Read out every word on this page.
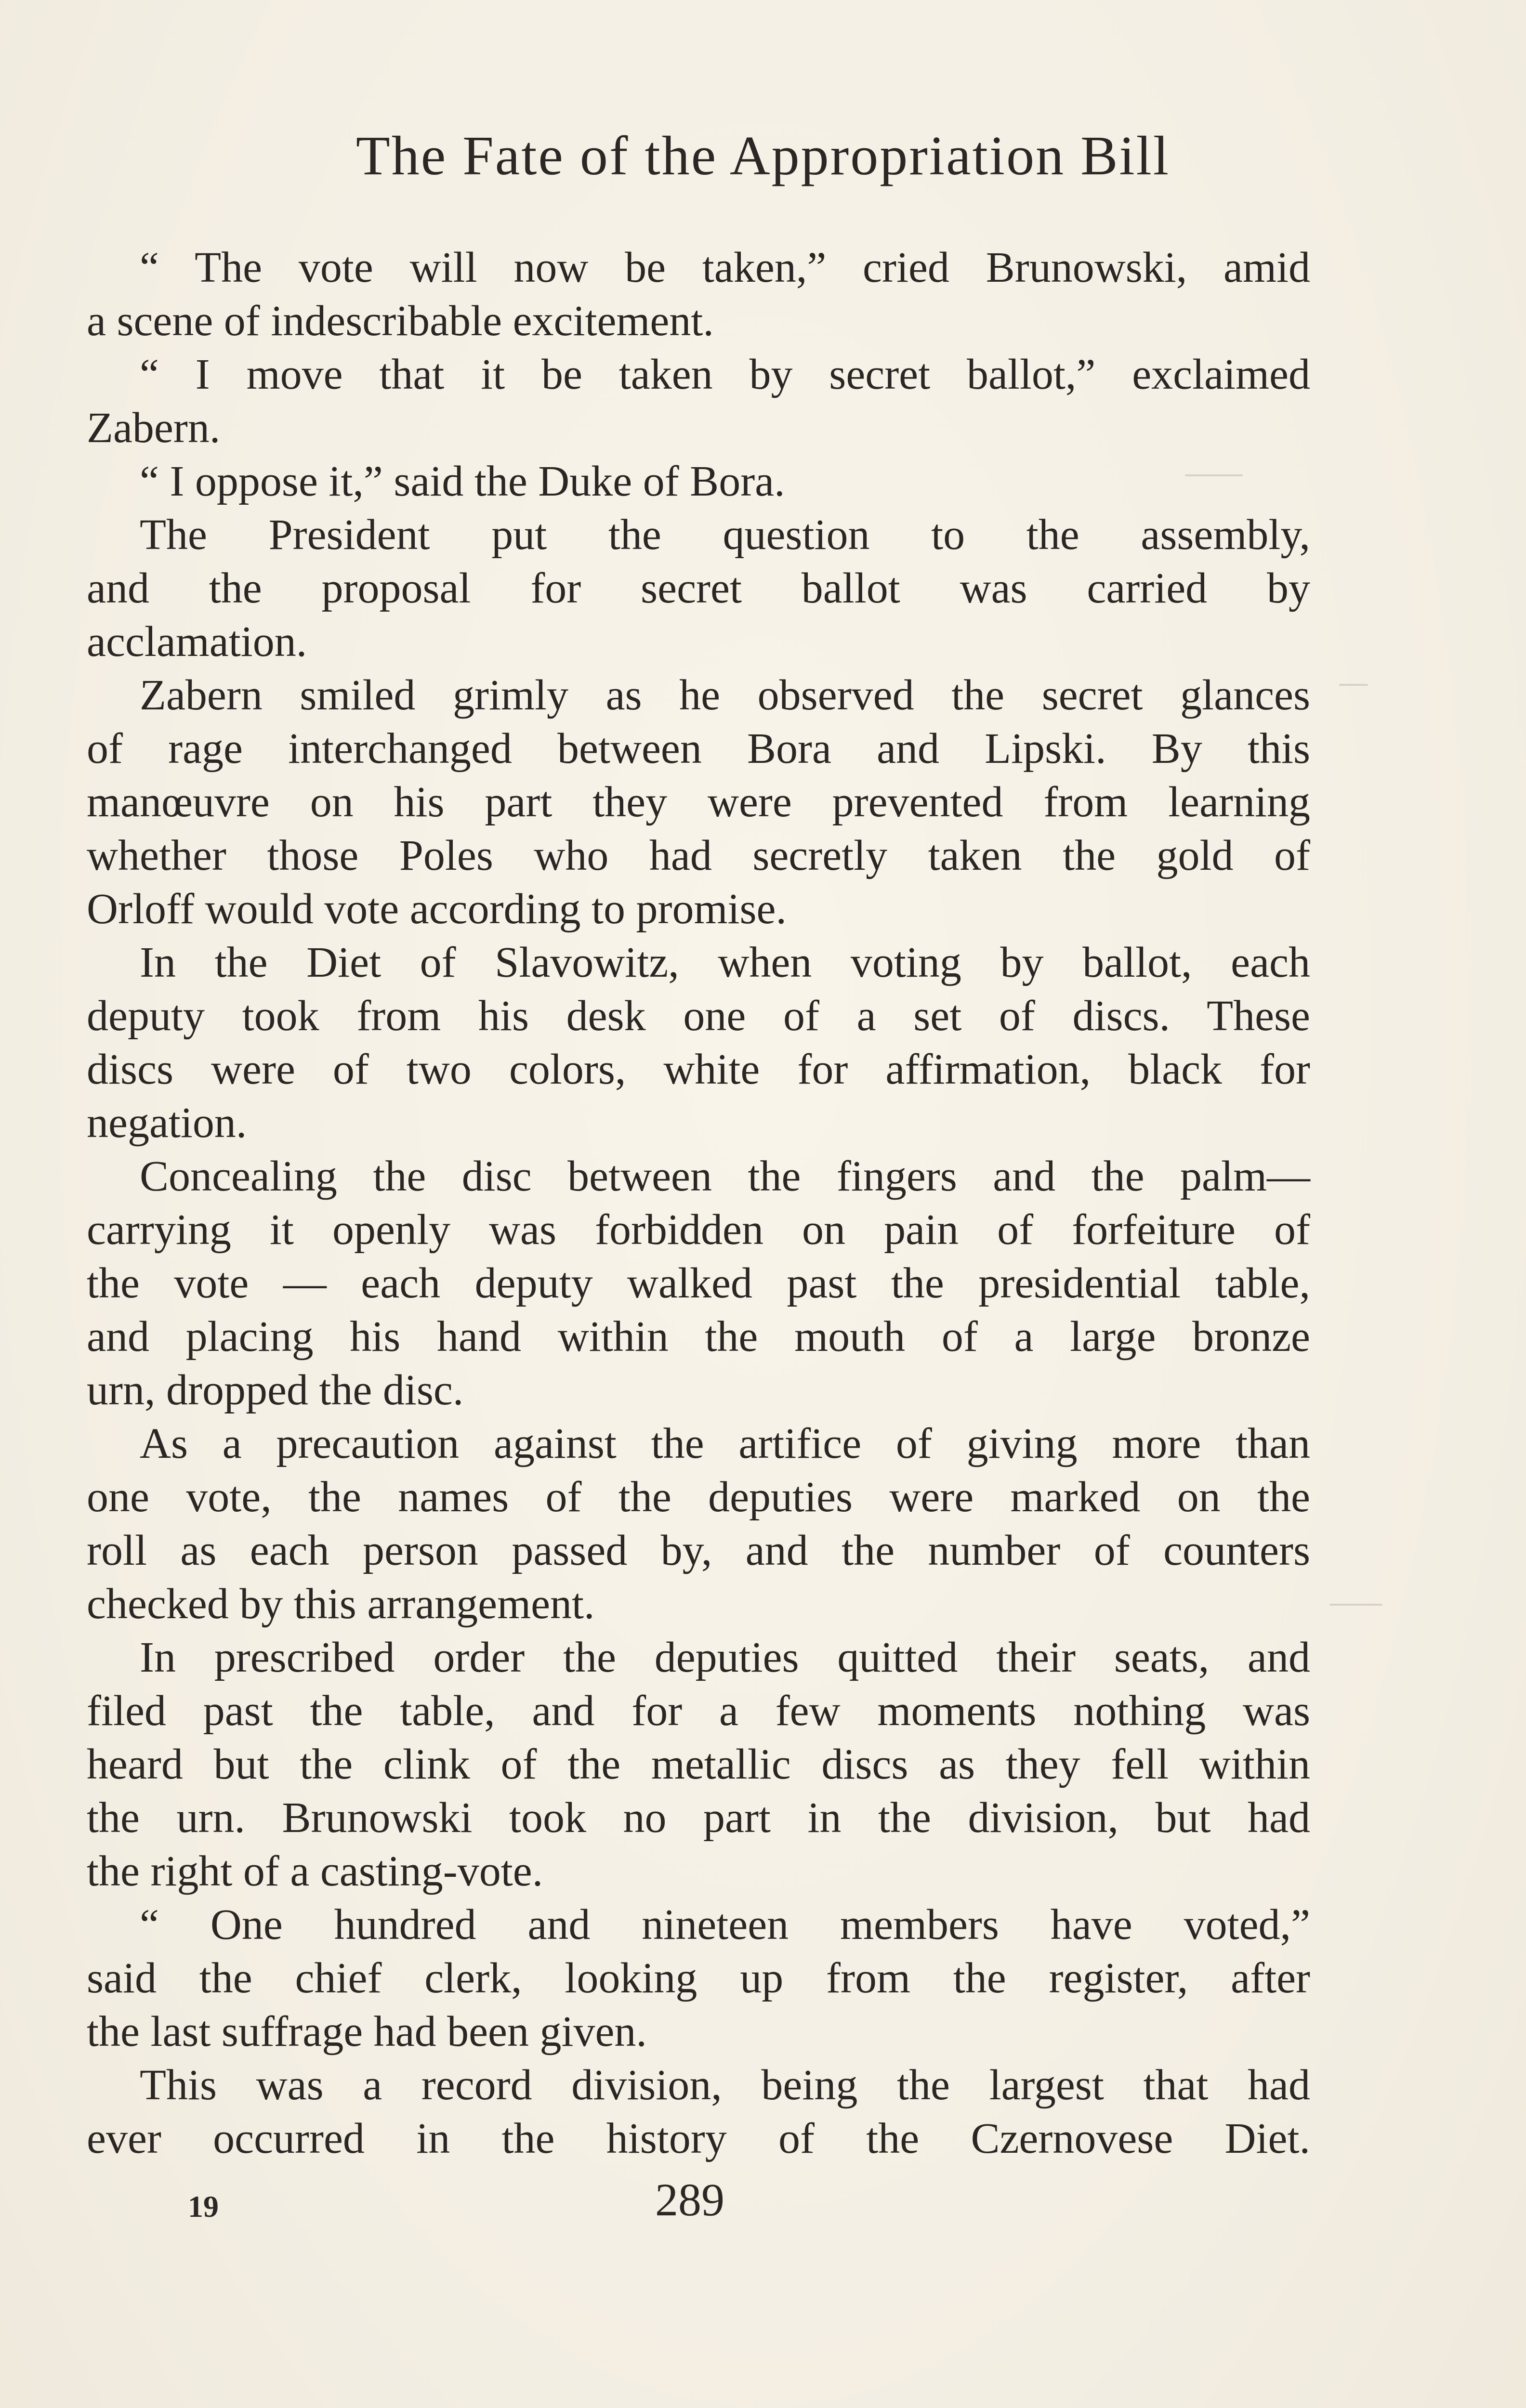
The Fate of the Appropriation Bill

“ The vote will now be taken,” cried Brunowski, amid
a scene of indescribable excitement.

“ I move that it be taken by secret ballot,” exclaimed
Zabern.

“ I oppose it,” said the Duke of Bora.

The President put the question to the assembly,
and the proposal for secret ballot was carried by
acclamation.

Zabern smiled grimly as he observed the secret glances
of rage interchanged between Bora and Lipski. By this
manœuvre on his part they were prevented from learning
whether those Poles who had secretly taken the gold of
Orloff would vote according to promise.

In the Diet of Slavowitz, when voting by ballot, each
deputy took from his desk one of a set of discs. These
discs were of two colors, white for affirmation, black for
negation.

Concealing the disc between the fingers and the palm—
carrying it openly was forbidden on pain of forfeiture of
the vote — each deputy walked past the presidential table,
and placing his hand within the mouth of a large bronze
urn, dropped the disc.

As a precaution against the artifice of giving more than
one vote, the names of the deputies were marked on the
roll as each person passed by, and the number of counters
checked by this arrangement.

In prescribed order the deputies quitted their seats, and
filed past the table, and for a few moments nothing was
heard but the clink of the metallic discs as they fell within
the urn. Brunowski took no part in the division, but had
the right of a casting-vote.

“ One hundred and nineteen members have voted,”
said the chief clerk, looking up from the register, after
the last suffrage had been given.

This was a record division, being the largest that had
ever occurred in the history of the Czernovese Diet.

19	289
